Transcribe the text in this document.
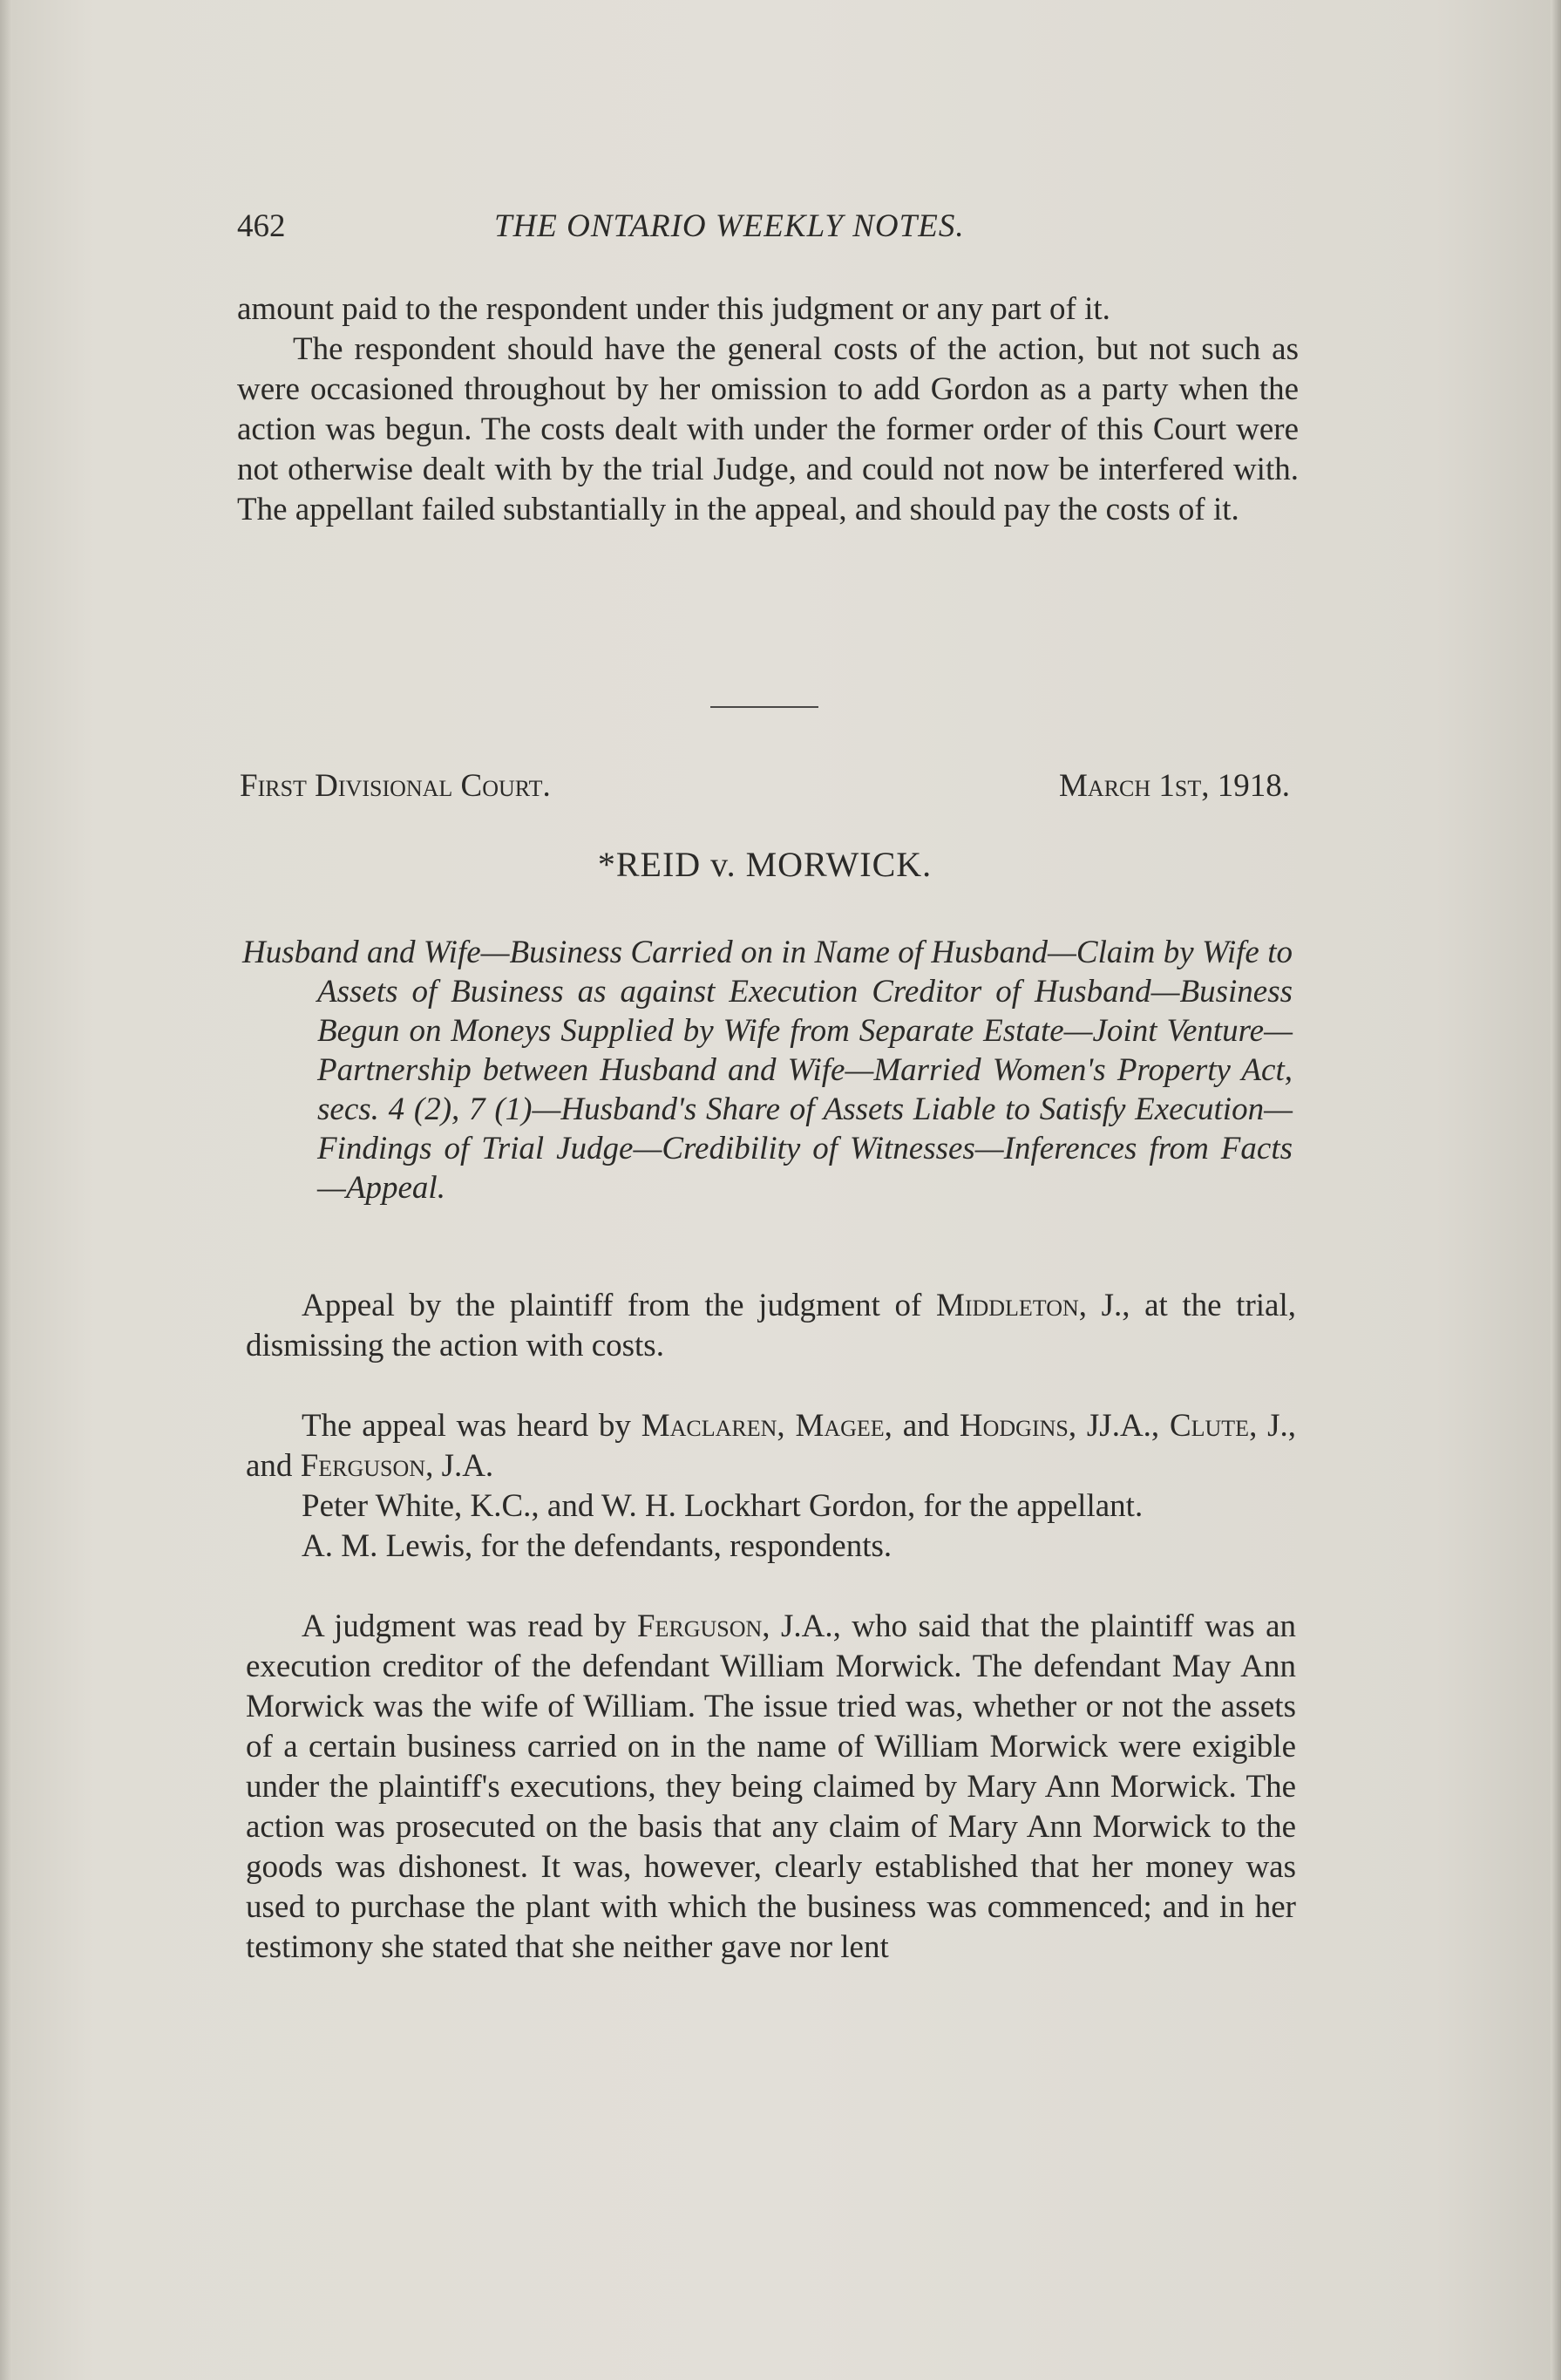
462	THE ONTARIO WEEKLY NOTES.

amount paid to the respondent under this judgment or any part of it.

The respondent should have the general costs of the action, but not such as were occasioned throughout by her omission to add Gordon as a party when the action was begun. The costs dealt with under the former order of this Court were not otherwise dealt with by the trial Judge, and could not now be interfered with. The appellant failed substantially in the appeal, and should pay the costs of it.

First Divisional Court.	March 1st, 1918.
*REID v. MORWICK.
Husband and Wife—Business Carried on in Name of Husband—Claim by Wife to Assets of Business as against Execution Creditor of Husband—Business Begun on Moneys Supplied by Wife from Separate Estate—Joint Venture—Partnership between Husband and Wife—Married Women's Property Act, secs. 4 (2), 7 (1)—Husband's Share of Assets Liable to Satisfy Execution—Findings of Trial Judge—Credibility of Witnesses—Inferences from Facts—Appeal.

Appeal by the plaintiff from the judgment of Middleton, J., at the trial, dismissing the action with costs.

The appeal was heard by Maclaren, Magee, and Hodgins, JJ.A., Clute, J., and Ferguson, J.A.

Peter White, K.C., and W. H. Lockhart Gordon, for the appellant.

A. M. Lewis, for the defendants, respondents.

A judgment was read by Ferguson, J.A., who said that the plaintiff was an execution creditor of the defendant William Morwick. The defendant May Ann Morwick was the wife of William. The issue tried was, whether or not the assets of a certain business carried on in the name of William Morwick were exigible under the plaintiff's executions, they being claimed by Mary Ann Morwick. The action was prosecuted on the basis that any claim of Mary Ann Morwick to the goods was dishonest. It was, however, clearly established that her money was used to purchase the plant with which the business was commenced; and in her testimony she stated that she neither gave nor lent
